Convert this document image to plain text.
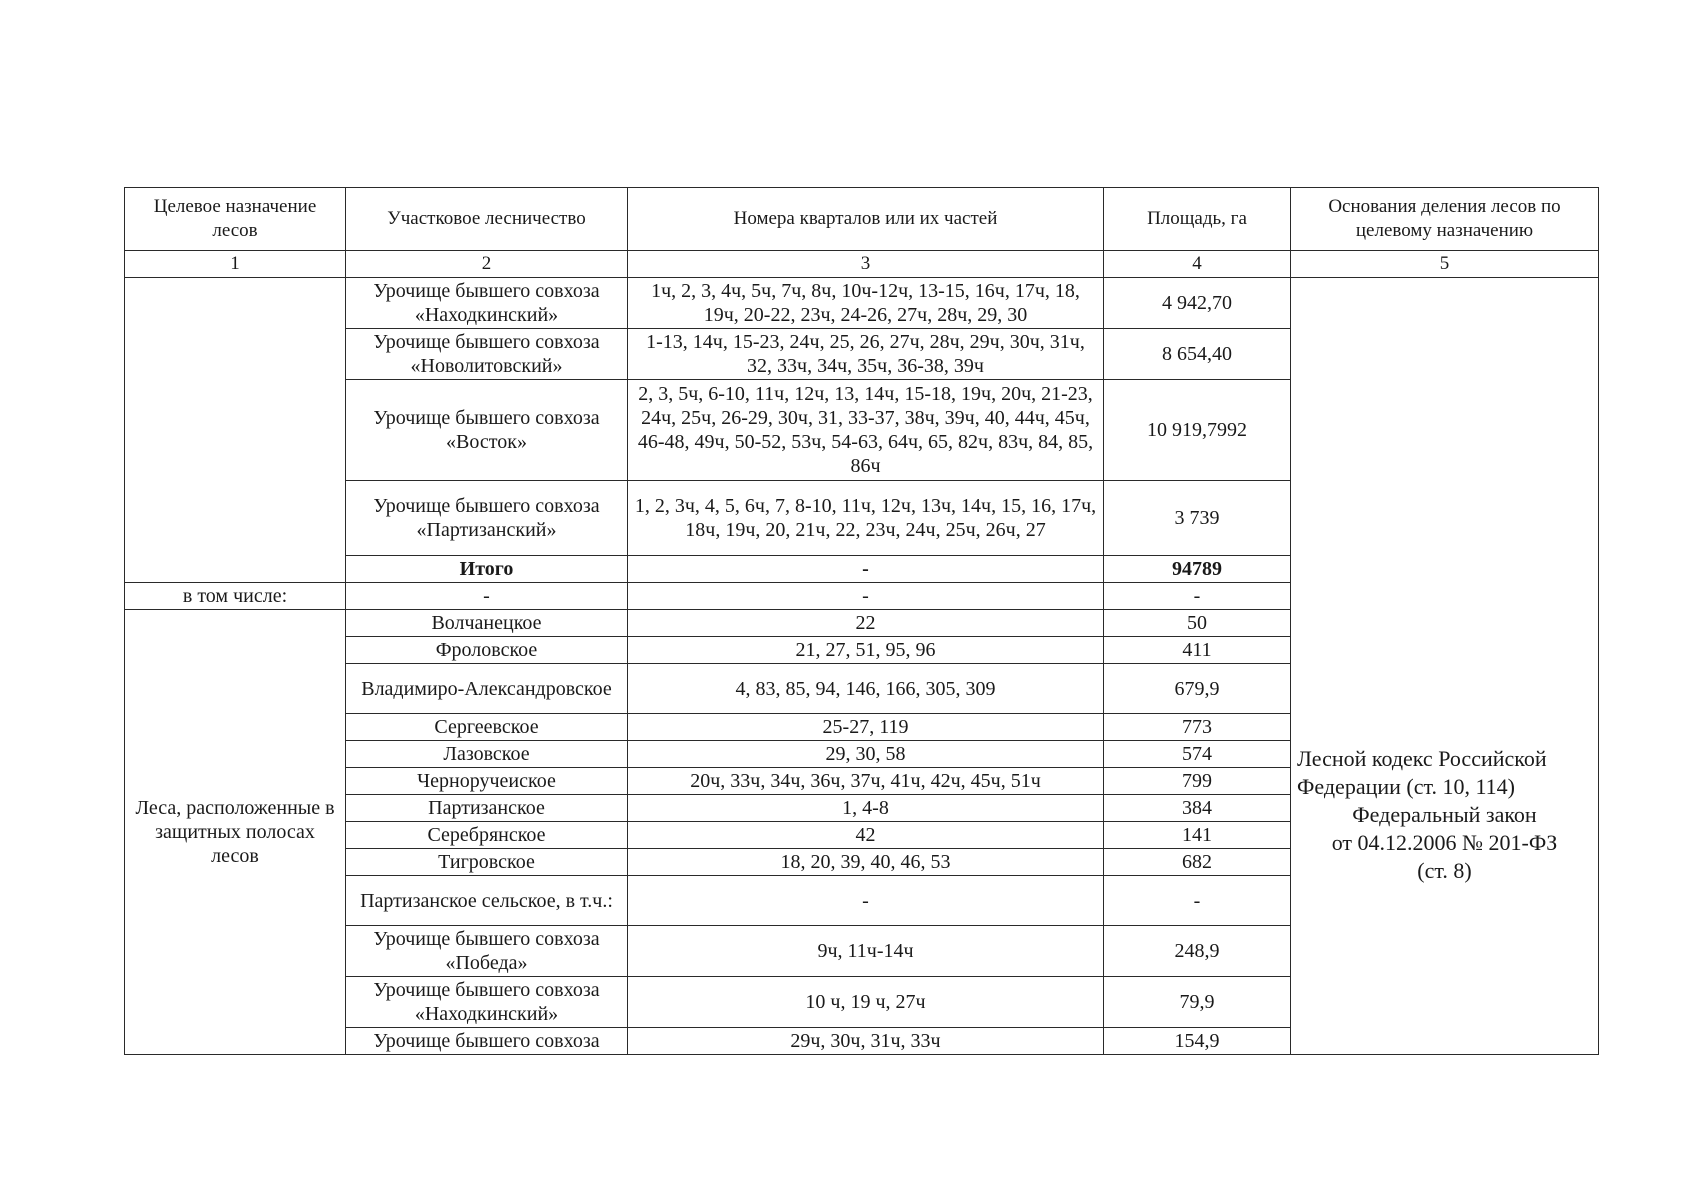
Целевое назначение лесов	Участковое лесничество	Номера кварталов или их частей	Площадь, га	Основания деления лесов по целевому назначению
1	2	3	4	5
	Урочище бывшего совхоза «Находкинский»	1ч, 2, 3, 4ч, 5ч, 7ч, 8ч, 10ч-12ч, 13-15, 16ч, 17ч, 18, 19ч, 20-22, 23ч, 24-26, 27ч, 28ч, 29, 30	4 942,70	Лесной кодекс Российской
Федерации (ст. 10, 114)
Федеральный закон
от 04.12.2006 № 201-ФЗ
(ст. 8)

	Урочище бывшего совхоза «Новолитовский»	1-13, 14ч, 15-23, 24ч, 25, 26, 27ч, 28ч, 29ч, 30ч, 31ч, 32, 33ч, 34ч, 35ч, 36-38, 39ч	8 654,40	
	Урочище бывшего совхоза «Восток»	2, 3, 5ч, 6-10, 11ч, 12ч, 13, 14ч, 15-18, 19ч, 20ч, 21-23, 24ч, 25ч, 26-29, 30ч, 31, 33-37, 38ч, 39ч, 40, 44ч, 45ч, 46-48, 49ч, 50-52, 53ч, 54-63, 64ч, 65, 82ч, 83ч, 84, 85, 86ч	10 919,7992	
	Урочище бывшего совхоза «Партизанский»	1, 2, 3ч, 4, 5, 6ч, 7, 8-10, 11ч, 12ч, 13ч, 14ч, 15, 16, 17ч, 18ч, 19ч, 20, 21ч, 22, 23ч, 24ч, 25ч, 26ч, 27	3 739	
	Итого	-	94789	
в том числе:	-	-	-	
Леса, расположенные в защитных полосах лесов	Волчанецкое	22	50	
	Фроловское	21, 27, 51, 95, 96	411	
	Владимиро-Александровское	4, 83, 85, 94, 146, 166, 305, 309	679,9	
	Сергеевское	25-27, 119	773	
	Лазовское	29, 30, 58	574	
	Черноручеиское	20ч, 33ч, 34ч, 36ч, 37ч, 41ч, 42ч, 45ч, 51ч	799	
	Партизанское	1, 4-8	384	
	Серебрянское	42	141	
	Тигровское	18, 20, 39, 40, 46, 53	682	
	Партизанское сельское, в т.ч.:	-	-	
	Урочище бывшего совхоза «Победа»	9ч, 11ч-14ч	248,9	
	Урочище бывшего совхоза «Находкинский»	10 ч, 19 ч, 27ч	79,9	
	Урочище бывшего совхоза	29ч, 30ч, 31ч, 33ч	154,9	
